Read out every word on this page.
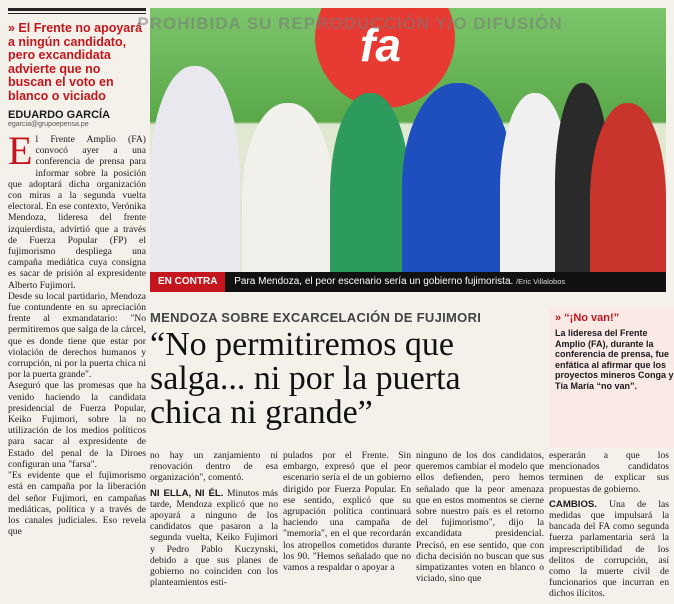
PROHIBIDA SU REPRODUCCIÓN Y/O DIFUSIÓN
» El Frente no apoyará a ningún candidato, pero excandidata advierte que no buscan el voto en blanco o viciado
EDUARDO GARCÍA
egarcia@grupoepensa.pe
E l Frente Amplio (FA) convocó ayer a una conferencia de prensa para informar sobre la posición que adoptará dicha organización con miras a la segunda vuelta electoral. En ese contexto, Verónika Mendoza, lideresa del frente izquierdista, advirtió que a través de Fuerza Popular (FP) el fujimorismo despliega una campaña mediática cuya consigna es sacar de prisión al expresidente Alberto Fujimori.
Desde su local partidario, Mendoza fue contundente en su apreciación frente al exmandatario: "No permitiremos que salga de la cárcel, que es donde tiene que estar por violación de derechos humanos y corrupción, ni por la puerta chica ni por la puerta grande".
Aseguró que las promesas que ha venido haciendo la candidata presidencial de Fuerza Popular, Keiko Fujimori, sobre la no utilización de los medios políticos para sacar al expresidente de Estado del penal de la Diroes configuran una "farsa".
"Es evidente que el fujimorismo está en campaña por la liberación del señor Fujimori, en campañas mediáticas, política y a través de los canales judiciales. Eso revela que
fa
EN CONTRA Para Mendoza, el peor escenario sería un gobierno fujimorista. /Eric Villalobos
MENDOZA SOBRE EXCARCELACIÓN DE FUJIMORI
“No permitiremos que salga... ni por la puerta chica ni grande”
» “¡No van!”
La lideresa del Frente Amplio (FA), durante la conferencia de prensa, fue enfática al afirmar que los proyectos mineros Conga y Tía María “no van”.

no hay un zanjamiento ni renovación dentro de esa organización", comentó.

NI ELLA, NI ÉL. Minutos más tarde, Mendoza explicó que no apoyará a ninguno de los candidatos que pasaron a la segunda vuelta, Keiko Fujimori y Pedro Pablo Kuczynski, debido a que sus planes de gobierno no coinciden con los planteamientos esti-

pulados por el Frente. Sin embargo, expresó que el peor escenario sería el de un gobierno dirigido por Fuerza Popular. En ese sentido, explicó que su agrupación política continuará haciendo una campaña de "memoria", en el que recordarán los atropellos cometidos durante los 90. "Hemos señalado que no vamos a respaldar o apoyar a

ninguno de los dos candidatos, queremos cambiar el modelo que ellos defienden, pero hemos señalado que la peor amenaza que en estos momentos se cierne sobre nuestro país es el retorno del fujimorismo", dijo la excandidata presidencial. Precisó, en ese sentido, que con dicha decisión no buscan que sus simpatizantes voten en blanco o viciado, sino que

esperarán a que los mencionados candidatos terminen de explicar sus propuestas de gobierno.

CAMBIOS. Una de las medidas que impulsará la bancada del FA como segunda fuerza parlamentaria será la imprescriptibilidad de los delitos de corrupción, así como la muerte civil de funcionarios que incurran en dichos ilícitos.
